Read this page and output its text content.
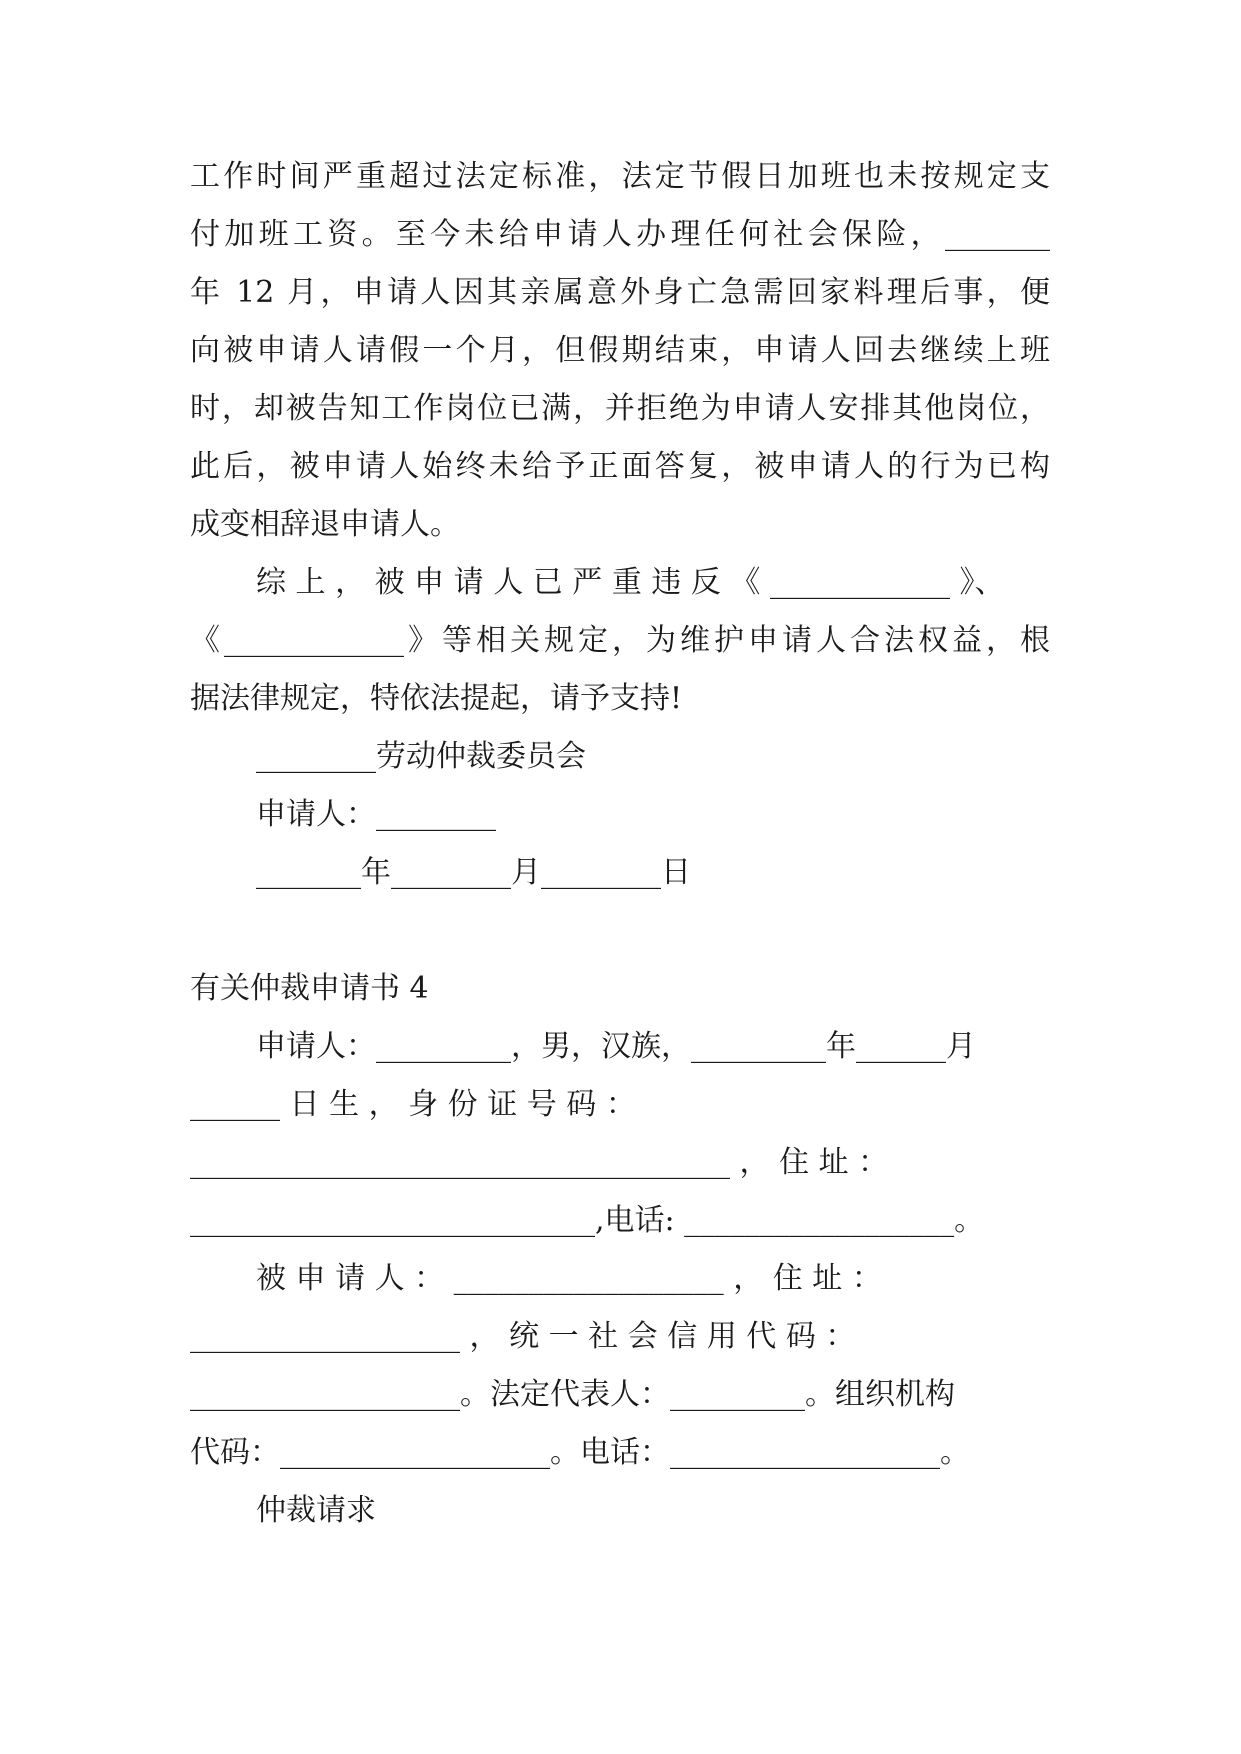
工作时间严重超过法定标准，法定节假日加班也未按规定支
付加班工资。至今未给申请人办理任何社会保险，_______
年 12 月，申请人因其亲属意外身亡急需回家料理后事，便
向被申请人请假一个月，但假期结束，申请人回去继续上班
时，却被告知工作岗位已满，并拒绝为申请人安排其他岗位，
此后，被申请人始终未给予正面答复，被申请人的行为已构
成变相辞退申请人。
综 上 ， 被 申 请 人 已 严 重 违 反 《 ____________ 》、
《____________》等相关规定，为维护申请人合法权益，根
据法律规定，特依法提起，请予支持!
________劳动仲裁委员会
申请人：________
_______年________月________日
有关仲裁申请书 4
申请人：_________，男，汉族，_________年______月
______ 日 生 ， 身 份 证 号 码 ：
____________________________________ ， 住 址 ：
___________________________,电话: __________________。
被 申 请 人 ： __________________ ， 住 址 ：
__________________ ， 统 一 社 会 信 用 代 码 ：
__________________。法定代表人：_________。组织机构
代码：__________________。电话：__________________。
仲裁请求
